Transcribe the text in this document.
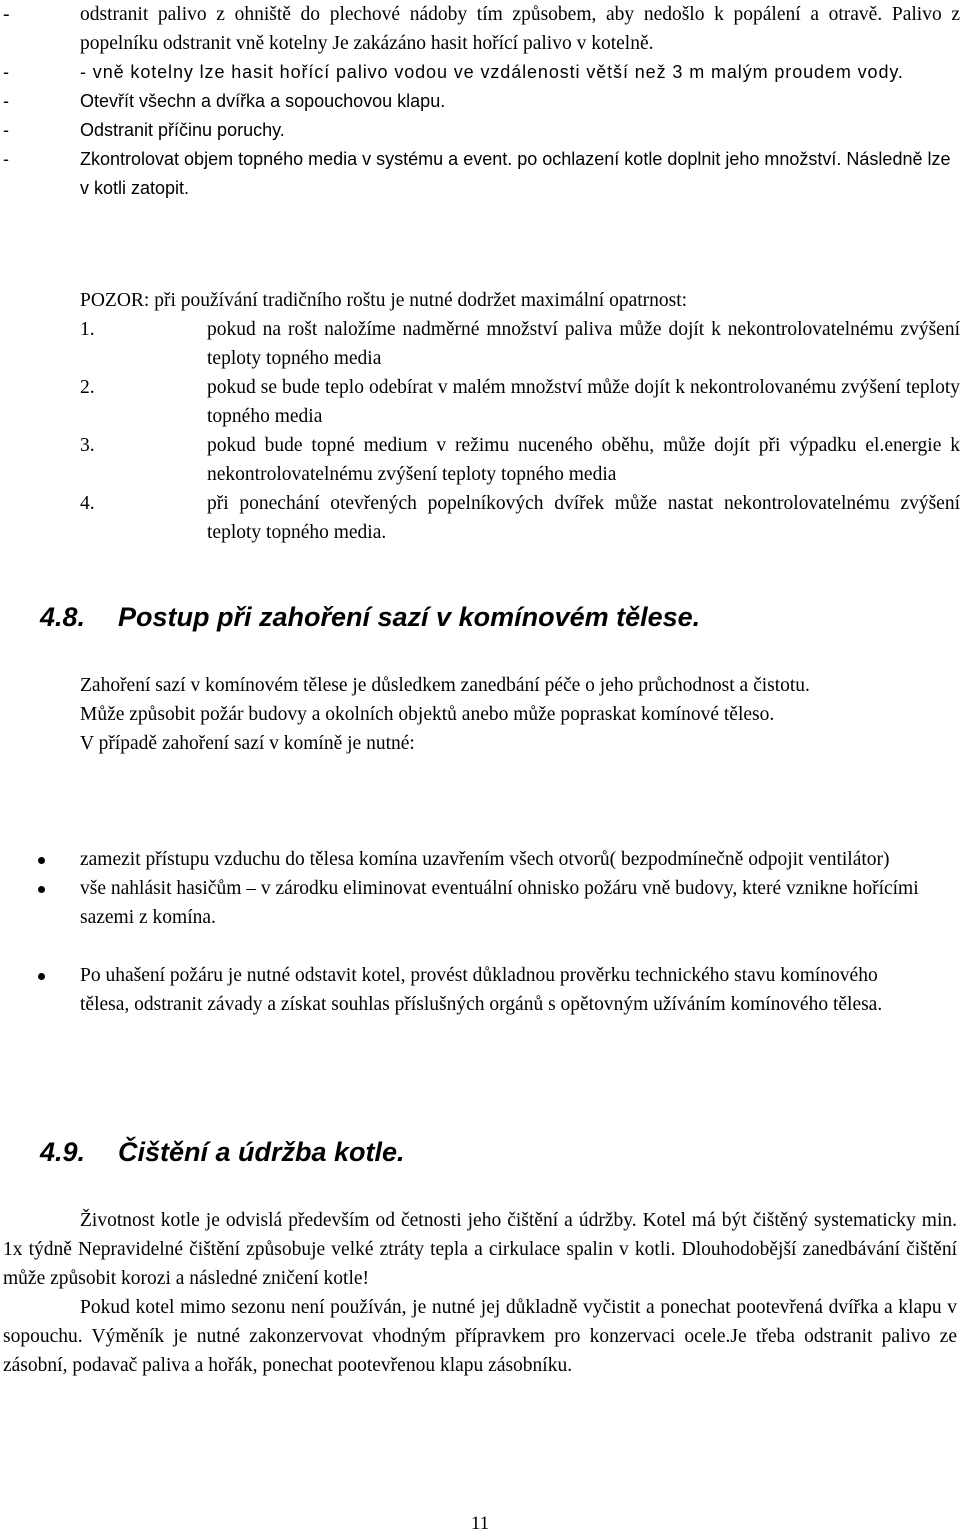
-	odstranit palivo z ohniště do plechové nádoby tím způsobem, aby nedošlo k popálení a otravě. Palivo z popelníku odstranit vně kotelny Je zakázáno hasit hořící palivo v kotelně.
-	- vně kotelny lze hasit hořící palivo vodou ve vzdálenosti větší než 3 m malým proudem vody.
-	Otevřít všechn a dvířka a sopouchovou klapu.
-	Odstranit příčinu poruchy.
-	Zkontrolovat objem topného media v systému a event. po ochlazení kotle doplnit jeho množství. Následně lze v kotli zatopit.
POZOR: při používání tradičního roštu je nutné dodržet maximální opatrnost:
1.	pokud na rošt naložíme nadměrné množství paliva může dojít k nekontrolovatelnému zvýšení teploty topného media
2.	pokud se bude teplo odebírat v malém množství může dojít k nekontrolovanému zvýšení teploty topného media
3.	pokud bude topné medium v režimu nuceného oběhu, může dojít při výpadku el.energie k nekontrolovatelnému zvýšení teploty topného media
4.	při ponechání otevřených popelníkových dvířek může nastat nekontrolovatelnému zvýšení teploty topného media.
4.8. Postup při zahoření sazí v komínovém tělese.

Zahoření sazí v komínovém tělese je důsledkem zanedbání péče o jeho průchodnost a čistotu.

Může způsobit požár budovy a okolních objektů anebo může popraskat komínové těleso.

V případě zahoření sazí v komíně je nutné:

zamezit přístupu vzduchu do tělesa komína uzavřením všech otvorů( bezpodmínečně odpojit ventilátor)
vše nahlásit hasičům – v zárodku eliminovat eventuální ohnisko požáru vně budovy, které vznikne hořícími sazemi z komína.
Po uhašení požáru je nutné odstavit kotel, provést důkladnou prověrku technického stavu komínového tělesa, odstranit závady a získat souhlas příslušných orgánů s opětovným užíváním komínového tělesa.
4.9. Čištění a údržba kotle.

Životnost kotle je odvislá především od četnosti jeho čištění a údržby. Kotel má být čištěný systematicky min. 1x týdně Nepravidelné čištění způsobuje velké ztráty tepla a cirkulace spalin v kotli. Dlouhodobější zanedbávání čištění může způsobit korozi a následné zničení kotle!

Pokud kotel mimo sezonu není používán, je nutné jej důkladně vyčistit a ponechat pootevřená dvířka a klapu v sopouchu. Výměník je nutné zakonzervovat vhodným přípravkem pro konzervaci ocele.Je třeba odstranit palivo ze zásobní, podavač paliva a hořák, ponechat pootevřenou klapu zásobníku.

11
